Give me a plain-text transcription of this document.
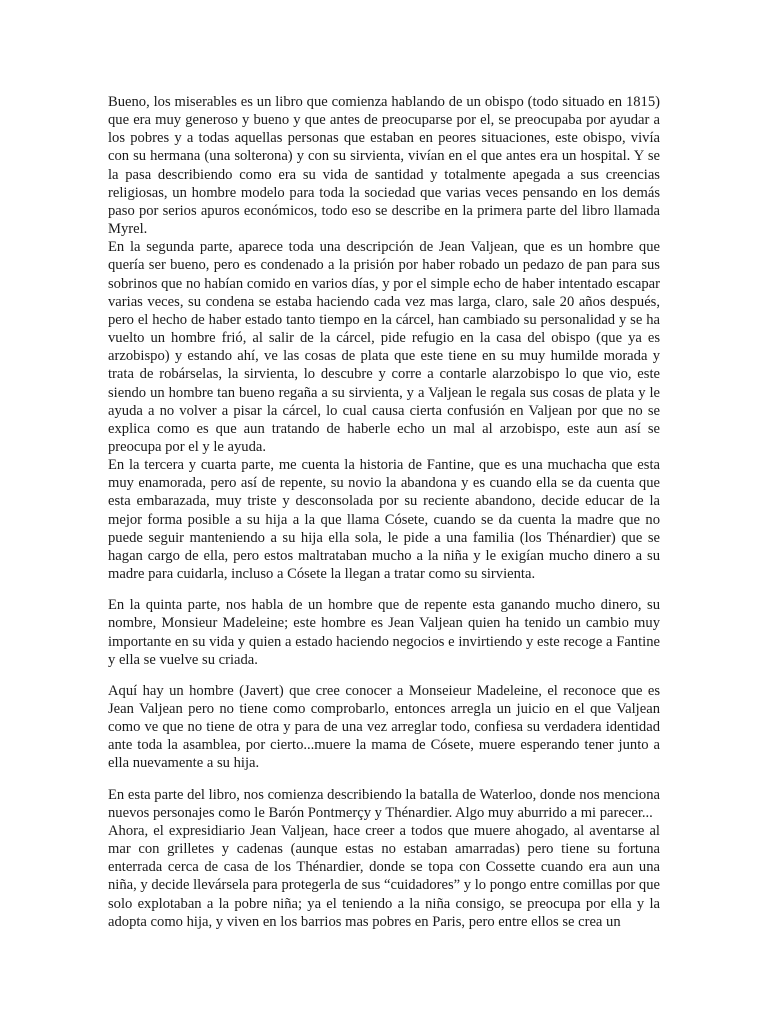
Bueno, los miserables es un libro que comienza hablando de un obispo (todo situado en 1815) que era muy generoso y bueno y que antes de preocuparse por el, se preocupaba por ayudar a los pobres y a todas aquellas personas que estaban en peores situaciones, este obispo, vivía con su hermana (una solterona) y con su sirvienta, vivían en el que antes era un hospital. Y se la pasa describiendo como era su vida de santidad y totalmente apegada a sus creencias religiosas, un hombre modelo para toda la sociedad que varias veces pensando en los demás paso por serios apuros económicos, todo eso se describe en la primera parte del libro llamada Myrel.

En la segunda parte, aparece toda una descripción de Jean Valjean, que es un hombre que quería ser bueno, pero es condenado a la prisión por haber robado un pedazo de pan para sus sobrinos que no habían comido en varios días, y por el simple echo de haber intentado escapar varias veces, su condena se estaba haciendo cada vez mas larga, claro, sale 20 años después, pero el hecho de haber estado tanto tiempo en la cárcel, han cambiado su personalidad y se ha vuelto un hombre frió, al salir de la cárcel, pide refugio en la casa del obispo (que ya es arzobispo) y estando ahí, ve las cosas de plata que este tiene en su muy humilde morada y trata de robárselas, la sirvienta, lo descubre y corre a contarle alarzobispo lo que vio, este siendo un hombre tan bueno regaña a su sirvienta, y a Valjean le regala sus cosas de plata y le ayuda a no volver a pisar la cárcel, lo cual causa cierta confusión en Valjean por que no se explica como es que aun tratando de haberle echo un mal al arzobispo, este aun así se preocupa por el y le ayuda.

En la tercera y cuarta parte, me cuenta la historia de Fantine, que es una muchacha que esta muy enamorada, pero así de repente, su novio la abandona y es cuando ella se da cuenta que esta embarazada, muy triste y desconsolada por su reciente abandono, decide educar de la mejor forma posible a su hija a la que llama Cósete, cuando se da cuenta la madre que no puede seguir manteniendo a su hija ella sola, le pide a una familia (los Thénardier) que se hagan cargo de ella, pero estos maltrataban mucho a la niña y le exigían mucho dinero a su madre para cuidarla, incluso a Cósete la llegan a tratar como su sirvienta.

En la quinta parte, nos habla de un hombre que de repente esta ganando mucho dinero, su nombre, Monsieur Madeleine; este hombre es Jean Valjean quien ha tenido un cambio muy importante en su vida y quien a estado haciendo negocios e invirtiendo y este recoge a Fantine y ella se vuelve su criada.

Aquí hay un hombre (Javert) que cree conocer a Monseieur Madeleine, el reconoce que es Jean Valjean pero no tiene como comprobarlo, entonces arregla un juicio en el que Valjean como ve que no tiene de otra y para de una vez arreglar todo, confiesa su verdadera identidad ante toda la asamblea, por cierto...muere la mama de Cósete, muere esperando tener junto a ella nuevamente a su hija.

En esta parte del libro, nos comienza describiendo la batalla de Waterloo, donde nos menciona nuevos personajes como le Barón Pontmerçy y Thénardier. Algo muy aburrido a mi parecer...

Ahora, el expresidiario Jean Valjean, hace creer a todos que muere ahogado, al aventarse al mar con grilletes y cadenas (aunque estas no estaban amarradas) pero tiene su fortuna enterrada cerca de casa de los Thénardier, donde se topa con Cossette cuando era aun una niña, y decide llevársela para protegerla de sus “cuidadores” y lo pongo entre comillas por que solo explotaban a la pobre niña; ya el teniendo a la niña consigo, se preocupa por ella y la adopta como hija, y viven en los barrios mas pobres en Paris, pero entre ellos se crea un
